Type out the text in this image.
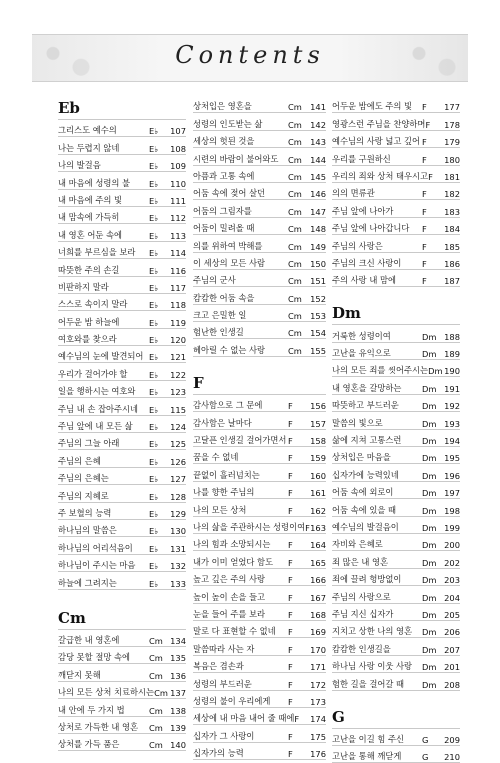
Contents
Eb
그리스도 예수의	E♭	107
나는 두렵지 않네	E♭	108
나의 발걸음	E♭	109
내 마음에 성령의 불	E♭	110
내 마음에 주의 빛	E♭	111
내 맘속에 가득히	E♭	112
내 영혼 어둔 속에	E♭	113
너희를 부르심을 보라	E♭	114
따뜻한 주의 손길	E♭	116
비판하지 말라	E♭	117
스스로 속이지 말라	E♭	118
어두운 밤 하늘에	E♭	119
여호와를 찾으라	E♭	120
예수님의 눈에 발견되어 E♭	121
우리가 걸어가야 할	E♭	122
일을 행하시는 여호와	E♭	123
주님 내 손 잡아주시네	E♭	115
주님 앞에 내 모든 삶	E♭	124
주님의 그늘 아래	E♭	125
주님의 은혜	E♭	126
주님의 은혜는	E♭	127
주님의 지혜로	E♭	128
주 보혈의 능력	E♭	129
하나님의 말씀은	E♭	130
하나님의 어리석음이	E♭	131
하나님이 주시는 마음	E♭	132
하늘에 그려지는	E♭	133
Cm
갈급한 내 영혼에	Cm 134
감당 못할 절망 속에	Cm 135
깨닫지 못해	Cm 136
나의 모든 상처 치료하시는 Cm 137
내 안에 두 가지 법	Cm 138
상처로 가득한 내 영혼	Cm 139
상처를 가득 품은	Cm 140
상처입은 영혼을	Cm 141
성령의 인도받는 삶	Cm 142
세상의 헛된 것을	Cm 143
시련의 바람이 불어와도	Cm 144
아픔과 고통 속에	Cm 145
어둠 속에 젖어 살던	Cm 146
어둠의 그림자를	Cm 147
어둠이 밀려올 때	Cm 148
의를 위하여 박해를	Cm 149
이 세상의 모든 사람	Cm 150
주님의 군사	Cm 151
캄캄한 어둠 속을	Cm 152
크고 은밀한 일	Cm 153
험난한 인생길	Cm 154
헤아릴 수 없는 사랑	Cm 155
F
감사함으로 그 문에	F	156
감사함은 날마다	F	157
고달픈 인생길 걸어가면서 F	158
꿈을 수 없네	F	159
끝없이 흘러넘치는	F	160
나를 향한 주님의	F	161
나의 모든 상처	F	162
나의 삶을 주관하시는 성령이여 F 163
나의 힘과 소망되시는	F	164
내가 이미 얻었다 함도	F	165
높고 깊은 주의 사랑	F	166
높이 높이 손을 들고	F	167
눈을 들어 주를 보라	F	168
말로 다 표현할 수 없네	F	169
말씀따라 사는 자	F	170
복음은 겸손과	F	171
성령의 부드러운	F	172
성령의 불이 우리에게	F	173
세상에 내 마음 내어 줄 때에 F	174
십자가 그 사랑이	F	175
십자가의 능력	F	176
어두운 밤에도 주의 빛	F	177
영광스런 주님을 찬양하며 F	178
예수님의 사랑 넓고 깊어 F	179
우리를 구원하신	F	180
우리의 죄와 상처 태우시고 F	181
의의 면류관	F	182
주님 앞에 나아가	F	183
주님 앞에 나아갑니다	F	184
주님의 사랑은	F	185
주님의 크신 사랑이	F	186
주의 사랑 내 맘에	F	187
Dm
거룩한 성령이여	Dm 188
고난을 유익으로	Dm 189
나의 모든 죄를 씻어주시는 Dm 190
내 영혼을 갈망하는	Dm 191
따뜻하고 부드러운	Dm 192
말씀의 빛으로	Dm 193
삶에 지쳐 고통스런	Dm 194
상처입은 마음을	Dm 195
십자가에 능력있네	Dm 196
어둠 속에 외로이	Dm 197
어둠 속에 있을 때	Dm 198
예수님의 발걸음이	Dm 199
자비와 은혜로	Dm 200
죄 많은 내 영혼	Dm 202
죄에 끌려 헝방없이	Dm 203
주님의 사랑으로	Dm 204
주님 지신 십자가	Dm 205
지치고 상한 나의 영혼	Dm 206
캄캄한 인생길을	Dm 207
하나님 사랑 이웃 사랑	Dm 201
험한 길을 걸어갈 때	Dm 208
G
고난을 이길 힘 주신	G	209
고난을 통해 깨닫게	G	210
